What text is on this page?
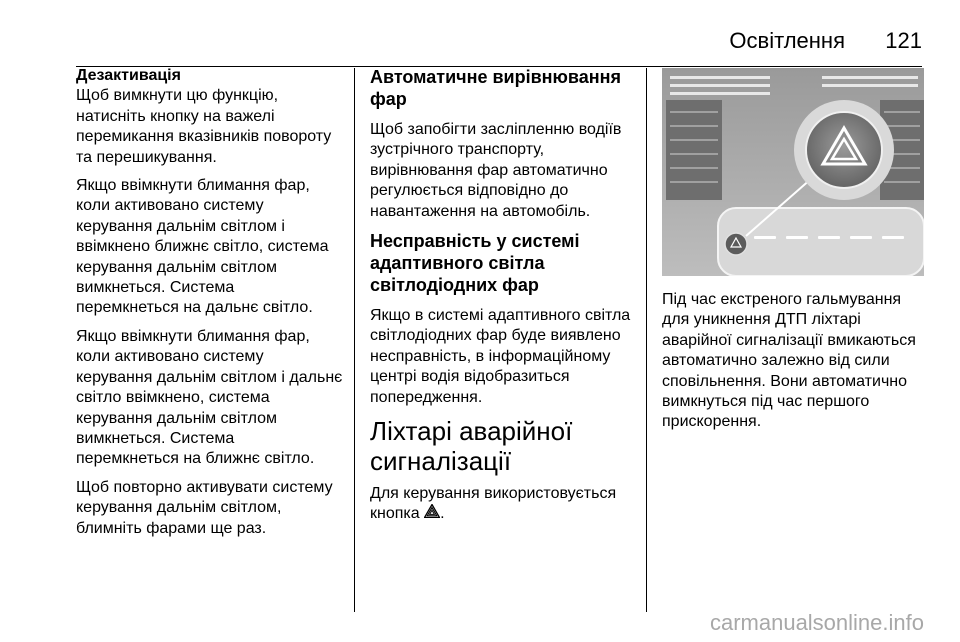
Освітлення 121
Дезактивація

Щоб вимкнути цю функцію,
натисніть кнопку на важелі
перемикання вказівників повороту
та перешикування.

Якщо ввімкнути блимання фар,
коли активовано систему
керування дальнім світлом і
ввімкнено ближнє світло, система
керування дальнім світлом
вимкнеться. Система
перемкнеться на дальнє світло.

Якщо ввімкнути блимання фар,
коли активовано систему
керування дальнім світлом і дальнє
світло ввімкнено, система
керування дальнім світлом
вимкнеться. Система
перемкнеться на ближнє світло.

Щоб повторно активувати систему
керування дальнім світлом,
блимніть фарами ще раз.

Автоматичне вирівнювання
фар

Щоб запобігти засліпленню водіїв
зустрічного транспорту,
вирівнювання фар автоматично
регулюється відповідно до
навантаження на автомобіль.

Несправність у системі
адаптивного світла
світлодіодних фар

Якщо в системі адаптивного світла
світлодіодних фар буде виявлено
несправність, в інформаційному
центрі водія відобразиться
попередження.

Ліхтарі аварійної
сигналізації

Для керування використовується
кнопка .

Під час екстреного гальмування
для уникнення ДТП ліхтарі
аварійної сигналізації вмикаються
автоматично залежно від сили
сповільнення. Вони автоматично
вимкнуться під час першого
прискорення.

carmanualsonline.info
